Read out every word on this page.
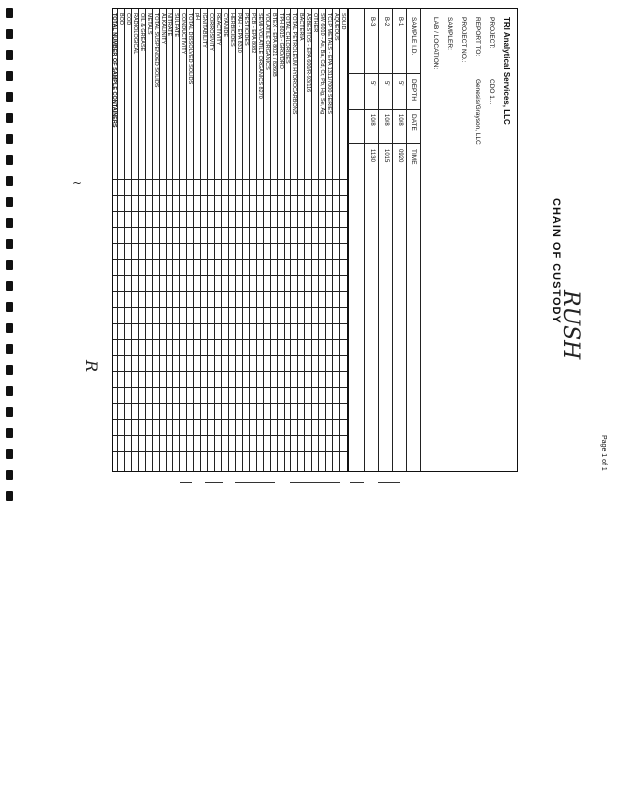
~
TRI Analytical Services, LLC
PROJECT:
CDO 1...
REPORT TO:
Genesis/Grayson, LLC
PROJECT NO.:
SAMPLER:
LAB / LOCATION:
SAMPLE I.D.
DEPTH
DATE
TIME
B-1
5'
10/8
0920
B-2
5'
10/8
1015
B-3
5'
10/8
1130
SOLID
AQUEOUS
TCLP METALS - EPA 1311/7000 SERIES
SW 6010 - As, Ba, Cd, Cr, Pb, Hg, Se, Ag
OTHER
ASBESTOS - EPA 600/R-93/116
BACTERIA
TOTAL PETROLEUM HYDROCARBONS
TOTAL CHLORIDES
TPH 8015 - GRO/DRO
BTEX - EPA 8021 / 8260B
VOLATILE ORGANICS
SEMI-VOLATILE ORGANICS 8270
PCB - EPA 8082
PESTICIDES
PAH - EPA 8310
HERBICIDES
CYANIDE
REACTIVITY
CORROSIVITY
IGNITABILITY
pH
TOTAL DISSOLVED SOLIDS
CONDUCTIVITY
SULFATE
NITRATE
ALKALINITY
TOTAL SUSPENDED SOLIDS
METALS
OIL & GREASE
RADIOLOGICAL
COD
BOD
TOTAL NUMBER OF SAMPLE CONTAINERS
CHAIN OF CUSTODY
RUSH
Page 1 of 1
R
